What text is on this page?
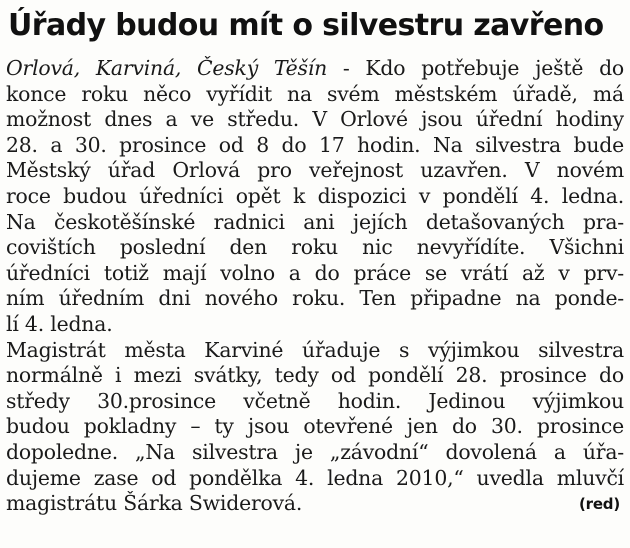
Úřady budou mít o silvestru zavřeno
Orlová, Karviná, Český Těšín - Kdo potřebuje ještě do
konce roku něco vyřídit na svém městském úřadě, má
možnost dnes a ve středu. V Orlové jsou úřední hodiny
28. a 30. prosince od 8 do 17 hodin. Na silvestra bude
Městský úřad Orlová pro veřejnost uzavřen. V novém
roce budou úředníci opět k dispozici v pondělí 4. ledna.
Na českotěšínské radnici ani jejích detašovaných pra-
covištích poslední den roku nic nevyřídíte. Všichni
úředníci totiž mají volno a do práce se vrátí až v prv-
ním úředním dni nového roku. Ten připadne na ponde-
lí 4. ledna.
Magistrát města Karviné úřaduje s výjimkou silvestra
normálně i mezi svátky, tedy od pondělí 28. prosince do
středy 30.prosince včetně hodin. Jedinou výjimkou
budou pokladny – ty jsou otevřené jen do 30. prosince
dopoledne. „Na silvestra je „závodní“ dovolená a úřa-
dujeme zase od pondělka 4. ledna 2010,“ uvedla mluvčí
magistrátu Šárka Swiderová.	(red)
